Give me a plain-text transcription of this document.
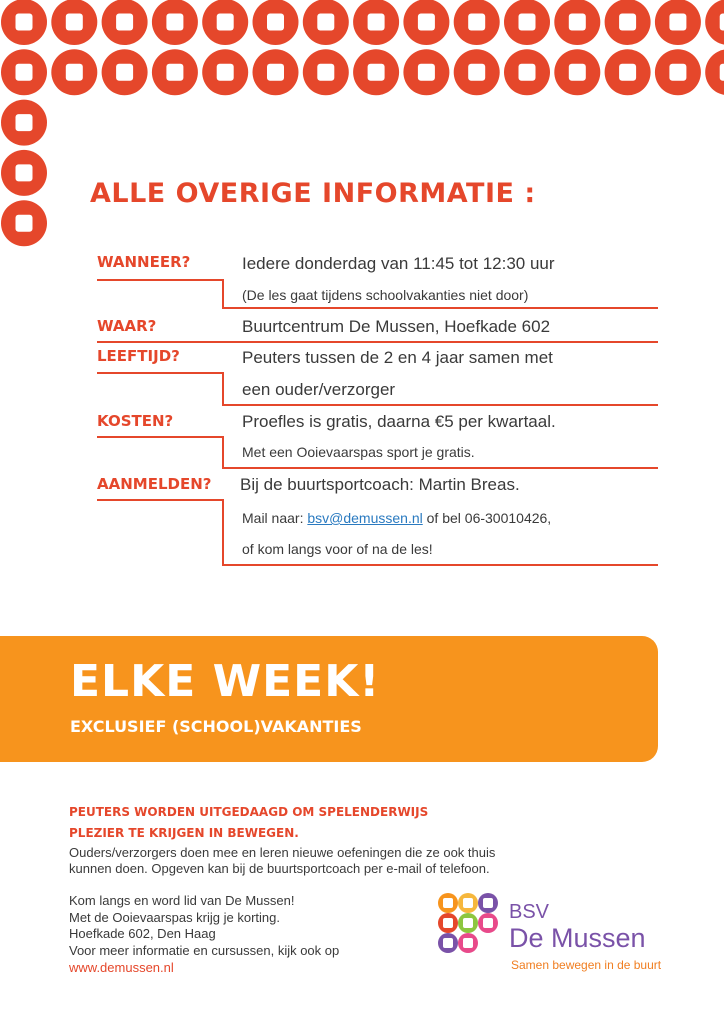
ALLE OVERIGE INFORMATIE :
WANNEER?	Iedere donderdag van 11:45 tot 12:30 uur
(De les gaat tijdens schoolvakanties niet door)
WAAR?	Buurtcentrum De Mussen, Hoefkade 602
LEEFTIJD?	Peuters tussen de 2 en 4 jaar samen met
een ouder/verzorger
KOSTEN?	Proefles is gratis, daarna €5 per kwartaal.
Met een Ooievaarspas sport je gratis.
AANMELDEN? Bij de buurtsportcoach: Martin Breas.
Mail naar: bsv@demussen.nl of bel 06-30010426,
of kom langs voor of na de les!
ELKE WEEK!
EXCLUSIEF (SCHOOL)VAKANTIES
PEUTERS WORDEN UITGEDAAGD OM SPELENDERWIJS
PLEZIER TE KRIJGEN IN BEWEGEN.
Ouders/verzorgers doen mee en leren nieuwe oefeningen die ze ook thuis
kunnen doen. Opgeven kan bij de buurtsportcoach per e-mail of telefoon.
Kom langs en word lid van De Mussen!
Met de Ooievaarspas krijg je korting.
Hoefkade 602, Den Haag
Voor meer informatie en cursussen, kijk ook op
www.demussen.nl
BSV
De Mussen
Samen bewegen in de buurt
